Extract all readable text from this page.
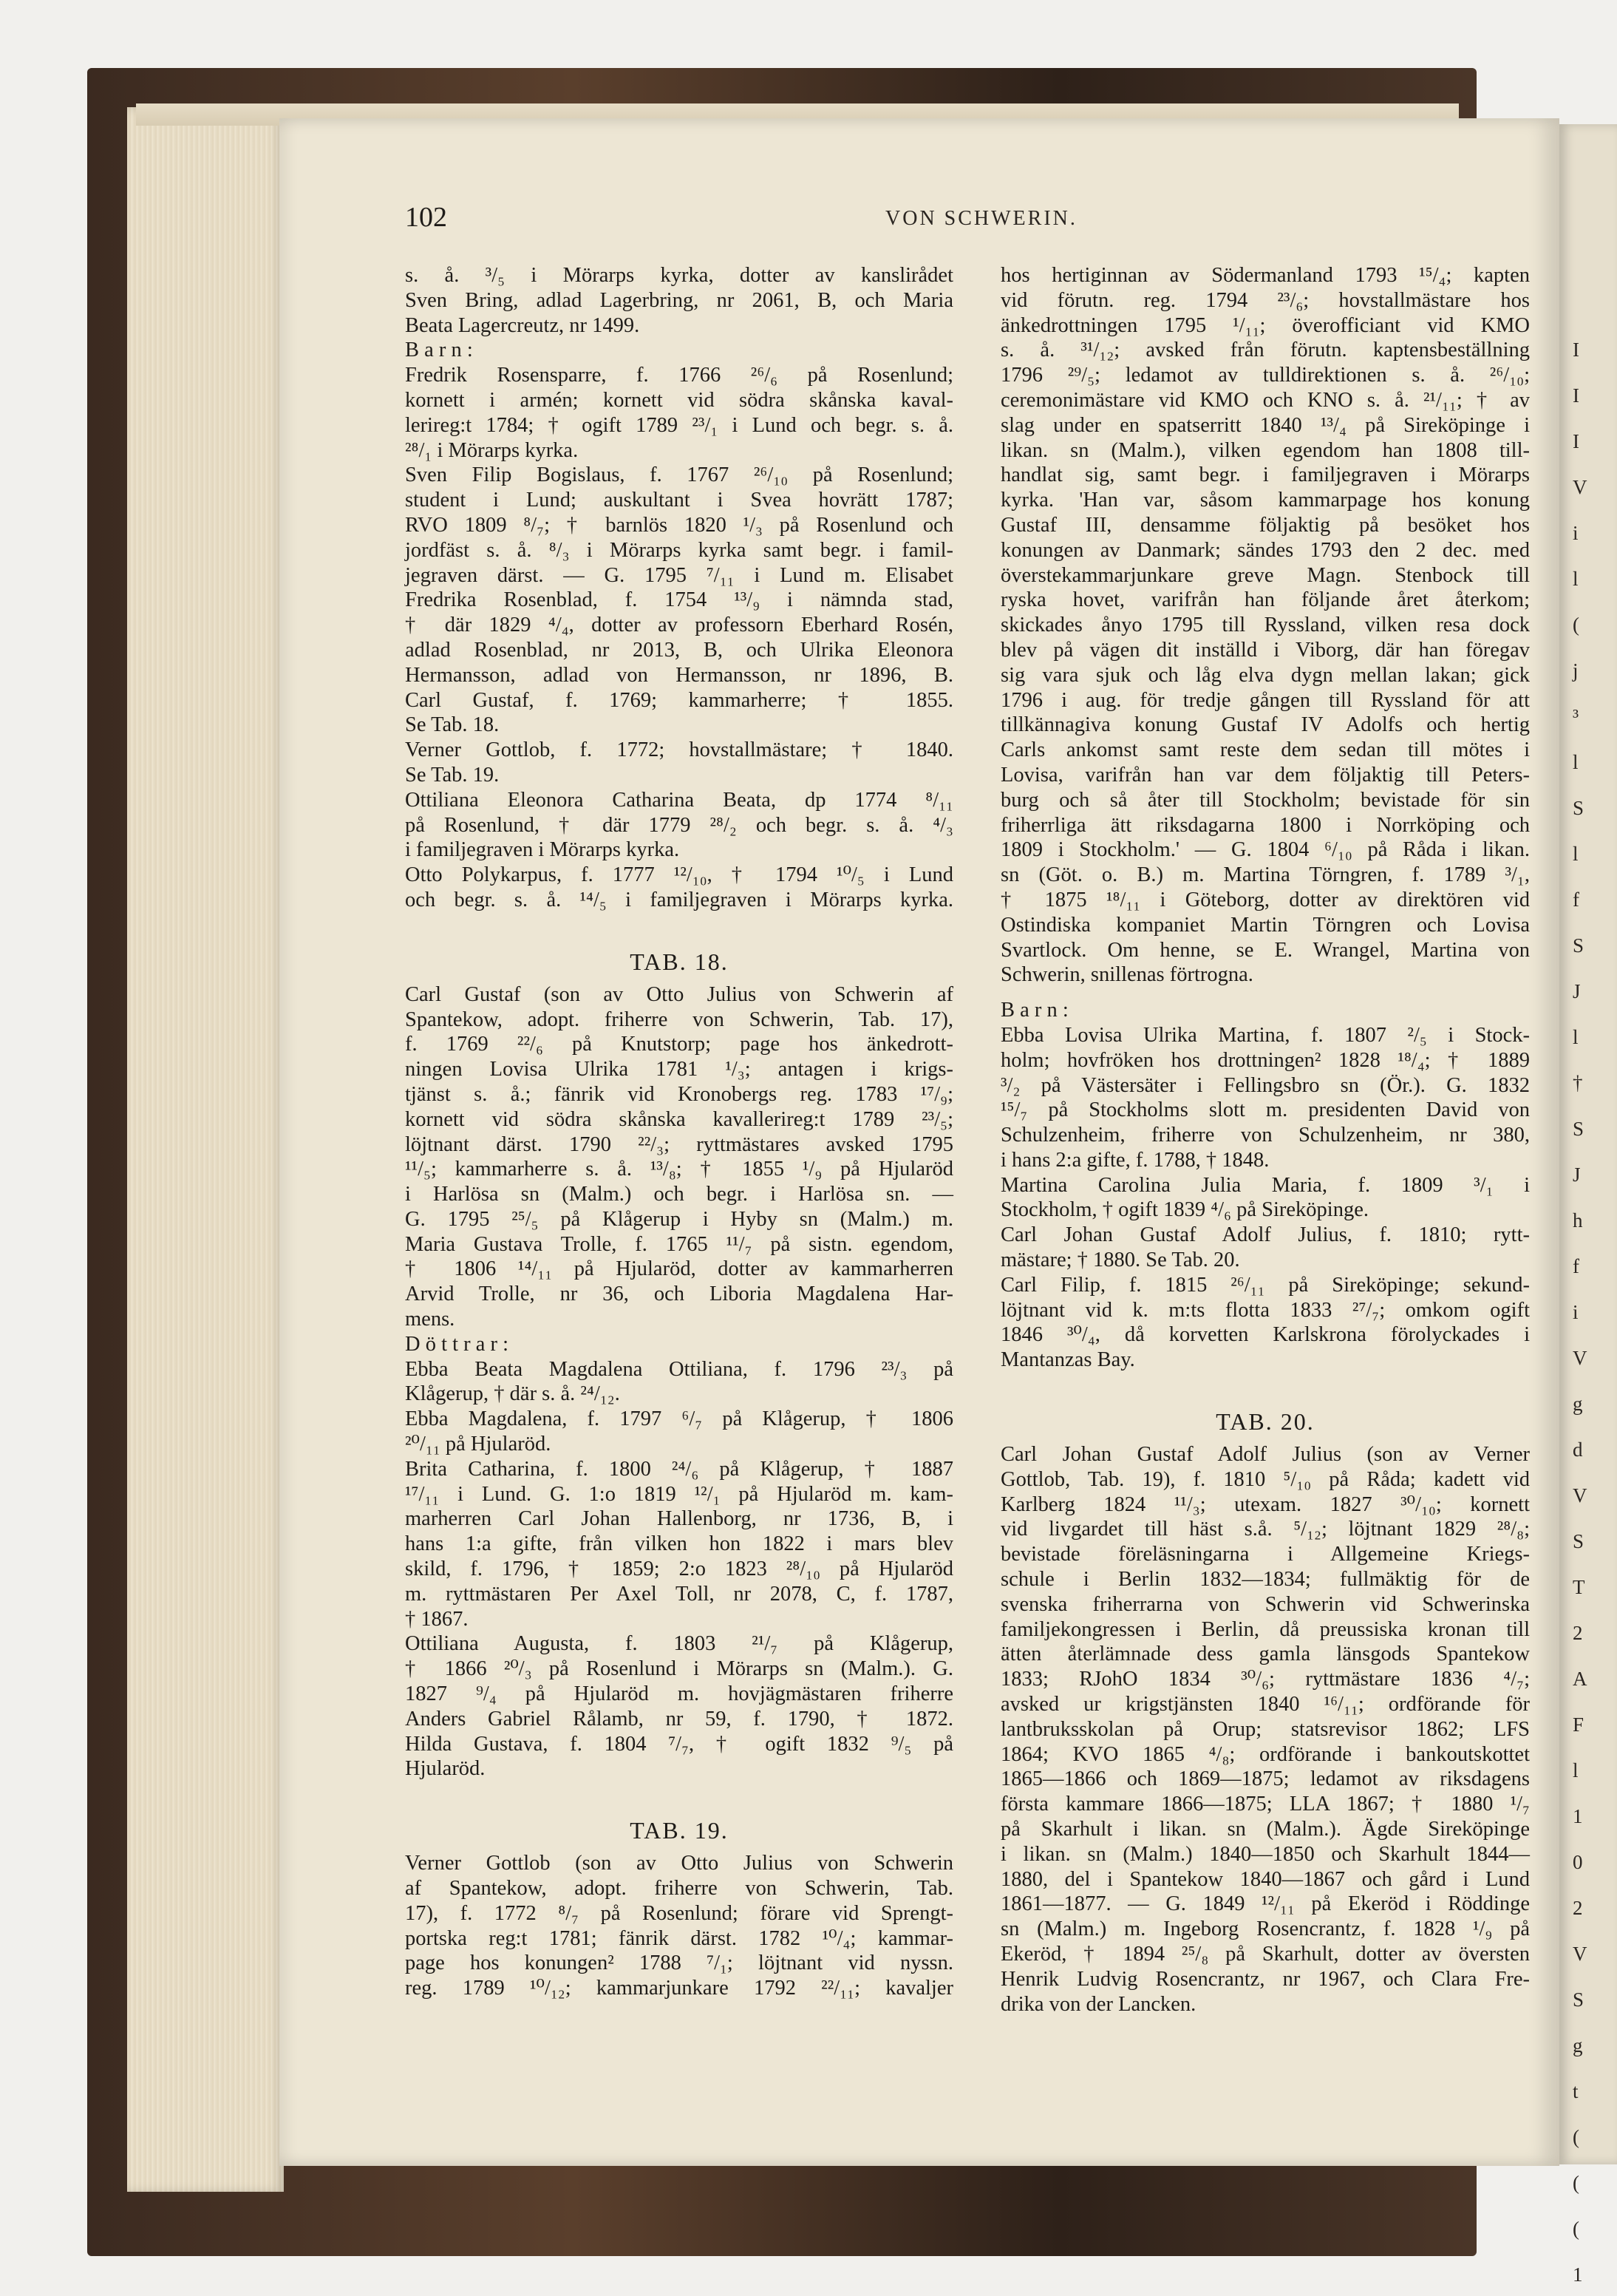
I
I
I
V
i
l
(
j
³
l
S
l
f
S
J
l
†
S
J
h
f
i
V
g
d
V
S
T
2
A
F
l
1
0
2
V
S
g
t
(
(
(
1
102	VON SCHWERIN.
s. å. ³/₅ i Mörarps kyrka, dotter av kanslirådet
Sven Bring, adlad Lagerbring, nr 2061, B, och Maria
Beata Lagercreutz, nr 1499.
B a r n :
Fredrik Rosensparre, f. 1766 ²⁶/₆ på Rosenlund;
kornett i armén; kornett vid södra skånska kaval-
lerireg:t 1784; † ogift 1789 ²³/₁ i Lund och begr. s. å.
²⁸/₁ i Mörarps kyrka.
Sven Filip Bogislaus, f. 1767 ²⁶/₁₀ på Rosenlund;
student i Lund; auskultant i Svea hovrätt 1787;
RVO 1809 ⁸/₇; † barnlös 1820 ¹/₃ på Rosenlund och
jordfäst s. å. ⁸/₃ i Mörarps kyrka samt begr. i famil-
jegraven därst. — G. 1795 ⁷/₁₁ i Lund m. Elisabet
Fredrika Rosenblad, f. 1754 ¹³/₉ i nämnda stad,
† där 1829 ⁴/₄, dotter av professorn Eberhard Rosén,
adlad Rosenblad, nr 2013, B, och Ulrika Eleonora
Hermansson, adlad von Hermansson, nr 1896, B.
Carl Gustaf, f. 1769; kammarherre; † 1855.
Se Tab. 18.
Verner Gottlob, f. 1772; hovstallmästare; † 1840.
Se Tab. 19.
Ottiliana Eleonora Catharina Beata, dp 1774 ⁸/₁₁
på Rosenlund, † där 1779 ²⁸/₂ och begr. s. å. ⁴/₃
i familjegraven i Mörarps kyrka.
Otto Polykarpus, f. 1777 ¹²/₁₀, † 1794 ¹⁰/₅ i Lund
och begr. s. å. ¹⁴/₅ i familjegraven i Mörarps kyrka.
TAB. 18.
Carl Gustaf (son av Otto Julius von Schwerin af
Spantekow, adopt. friherre von Schwerin, Tab. 17),
f. 1769 ²²/₆ på Knutstorp; page hos änkedrott-
ningen Lovisa Ulrika 1781 ¹/₃; antagen i krigs-
tjänst s. å.; fänrik vid Kronobergs reg. 1783 ¹⁷/₉;
kornett vid södra skånska kavallerireg:t 1789 ²³/₅;
löjtnant därst. 1790 ²²/₃; ryttmästares avsked 1795
¹¹/₅; kammarherre s. å. ¹³/₈; † 1855 ¹/₉ på Hjularöd
i Harlösa sn (Malm.) och begr. i Harlösa sn. —
G. 1795 ²⁵/₅ på Klågerup i Hyby sn (Malm.) m.
Maria Gustava Trolle, f. 1765 ¹¹/₇ på sistn. egendom,
† 1806 ¹⁴/₁₁ på Hjularöd, dotter av kammarherren
Arvid Trolle, nr 36, och Liboria Magdalena Har-
mens.
D ö t t r a r :
Ebba Beata Magdalena Ottiliana, f. 1796 ²³/₃ på
Klågerup, † där s. å. ²⁴/₁₂.
Ebba Magdalena, f. 1797 ⁶/₇ på Klågerup, † 1806
²⁰/₁₁ på Hjularöd.
Brita Catharina, f. 1800 ²⁴/₆ på Klågerup, † 1887
¹⁷/₁₁ i Lund. G. 1:o 1819 ¹²/₁ på Hjularöd m. kam-
marherren Carl Johan Hallenborg, nr 1736, B, i
hans 1:a gifte, från vilken hon 1822 i mars blev
skild, f. 1796, † 1859; 2:o 1823 ²⁸/₁₀ på Hjularöd
m. ryttmästaren Per Axel Toll, nr 2078, C, f. 1787,
† 1867.
Ottiliana Augusta, f. 1803 ²¹/₇ på Klågerup,
† 1866 ²⁰/₃ på Rosenlund i Mörarps sn (Malm.). G.
1827 ⁹/₄ på Hjularöd m. hovjägmästaren friherre
Anders Gabriel Rålamb, nr 59, f. 1790, † 1872.
Hilda Gustava, f. 1804 ⁷/₇, † ogift 1832 ⁹/₅ på
Hjularöd.
TAB. 19.
Verner Gottlob (son av Otto Julius von Schwerin
af Spantekow, adopt. friherre von Schwerin, Tab.
17), f. 1772 ⁸/₇ på Rosenlund; förare vid Sprengt-
portska reg:t 1781; fänrik därst. 1782 ¹⁰/₄; kammar-
page hos konungen² 1788 ⁷/₁; löjtnant vid nyssn.
reg. 1789 ¹⁰/₁₂; kammarjunkare 1792 ²²/₁₁; kavaljer
hos hertiginnan av Södermanland 1793 ¹⁵/₄; kapten
vid förutn. reg. 1794 ²³/₆; hovstallmästare hos
änkedrottningen 1795 ¹/₁₁; överofficiant vid KMO
s. å. ³¹/₁₂; avsked från förutn. kaptensbeställning
1796 ²⁹/₅; ledamot av tulldirektionen s. å. ²⁶/₁₀;
ceremonimästare vid KMO och KNO s. å. ²¹/₁₁; † av
slag under en spatserritt 1840 ¹³/₄ på Sireköpinge i
likan. sn (Malm.), vilken egendom han 1808 till-
handlat sig, samt begr. i familjegraven i Mörarps
kyrka. 'Han var, såsom kammarpage hos konung
Gustaf III, densamme följaktig på besöket hos
konungen av Danmark; sändes 1793 den 2 dec. med
överstekammarjunkare greve Magn. Stenbock till
ryska hovet, varifrån han följande året återkom;
skickades ånyo 1795 till Ryssland, vilken resa dock
blev på vägen dit inställd i Viborg, där han föregav
sig vara sjuk och låg elva dygn mellan lakan; gick
1796 i aug. för tredje gången till Ryssland för att
tillkännagiva konung Gustaf IV Adolfs och hertig
Carls ankomst samt reste dem sedan till mötes i
Lovisa, varifrån han var dem följaktig till Peters-
burg och så åter till Stockholm; bevistade för sin
friherrliga ätt riksdagarna 1800 i Norrköping och
1809 i Stockholm.' — G. 1804 ⁶/₁₀ på Råda i likan.
sn (Göt. o. B.) m. Martina Törngren, f. 1789 ³/₁,
† 1875 ¹⁸/₁₁ i Göteborg, dotter av direktören vid
Ostindiska kompaniet Martin Törngren och Lovisa
Svartlock. Om henne, se E. Wrangel, Martina von
Schwerin, snillenas förtrogna.
B a r n :
Ebba Lovisa Ulrika Martina, f. 1807 ²/₅ i Stock-
holm; hovfröken hos drottningen² 1828 ¹⁸/₄; † 1889
³/₂ på Västersäter i Fellingsbro sn (Ör.). G. 1832
¹⁵/₇ på Stockholms slott m. presidenten David von
Schulzenheim, friherre von Schulzenheim, nr 380,
i hans 2:a gifte, f. 1788, † 1848.
Martina Carolina Julia Maria, f. 1809 ³/₁ i
Stockholm, † ogift 1839 ⁴/₆ på Sireköpinge.
Carl Johan Gustaf Adolf Julius, f. 1810; rytt-
mästare; † 1880. Se Tab. 20.
Carl Filip, f. 1815 ²⁶/₁₁ på Sireköpinge; sekund-
löjtnant vid k. m:ts flotta 1833 ²⁷/₇; omkom ogift
1846 ³⁰/₄, då korvetten Karlskrona förolyckades i
Mantanzas Bay.
TAB. 20.
Carl Johan Gustaf Adolf Julius (son av Verner
Gottlob, Tab. 19), f. 1810 ⁵/₁₀ på Råda; kadett vid
Karlberg 1824 ¹¹/₃; utexam. 1827 ³⁰/₁₀; kornett
vid livgardet till häst s.å. ⁵/₁₂; löjtnant 1829 ²⁸/₈;
bevistade föreläsningarna i Allgemeine Kriegs-
schule i Berlin 1832—1834; fullmäktig för de
svenska friherrarna von Schwerin vid Schwerinska
familjekongressen i Berlin, då preussiska kronan till
ätten återlämnade dess gamla länsgods Spantekow
1833; RJohO 1834 ³⁰/₆; ryttmästare 1836 ⁴/₇;
avsked ur krigstjänsten 1840 ¹⁶/₁₁; ordförande för
lantbruksskolan på Orup; statsrevisor 1862; LFS
1864; KVO 1865 ⁴/₈; ordförande i bankoutskottet
1865—1866 och 1869—1875; ledamot av riksdagens
första kammare 1866—1875; LLA 1867; † 1880 ¹/₇
på Skarhult i likan. sn (Malm.). Ägde Sireköpinge
i likan. sn (Malm.) 1840—1850 och Skarhult 1844—
1880, del i Spantekow 1840—1867 och gård i Lund
1861—1877. — G. 1849 ¹²/₁₁ på Ekeröd i Röddinge
sn (Malm.) m. Ingeborg Rosencrantz, f. 1828 ¹/₉ på
Ekeröd, † 1894 ²⁵/₈ på Skarhult, dotter av översten
Henrik Ludvig Rosencrantz, nr 1967, och Clara Fre-
drika von der Lancken.
